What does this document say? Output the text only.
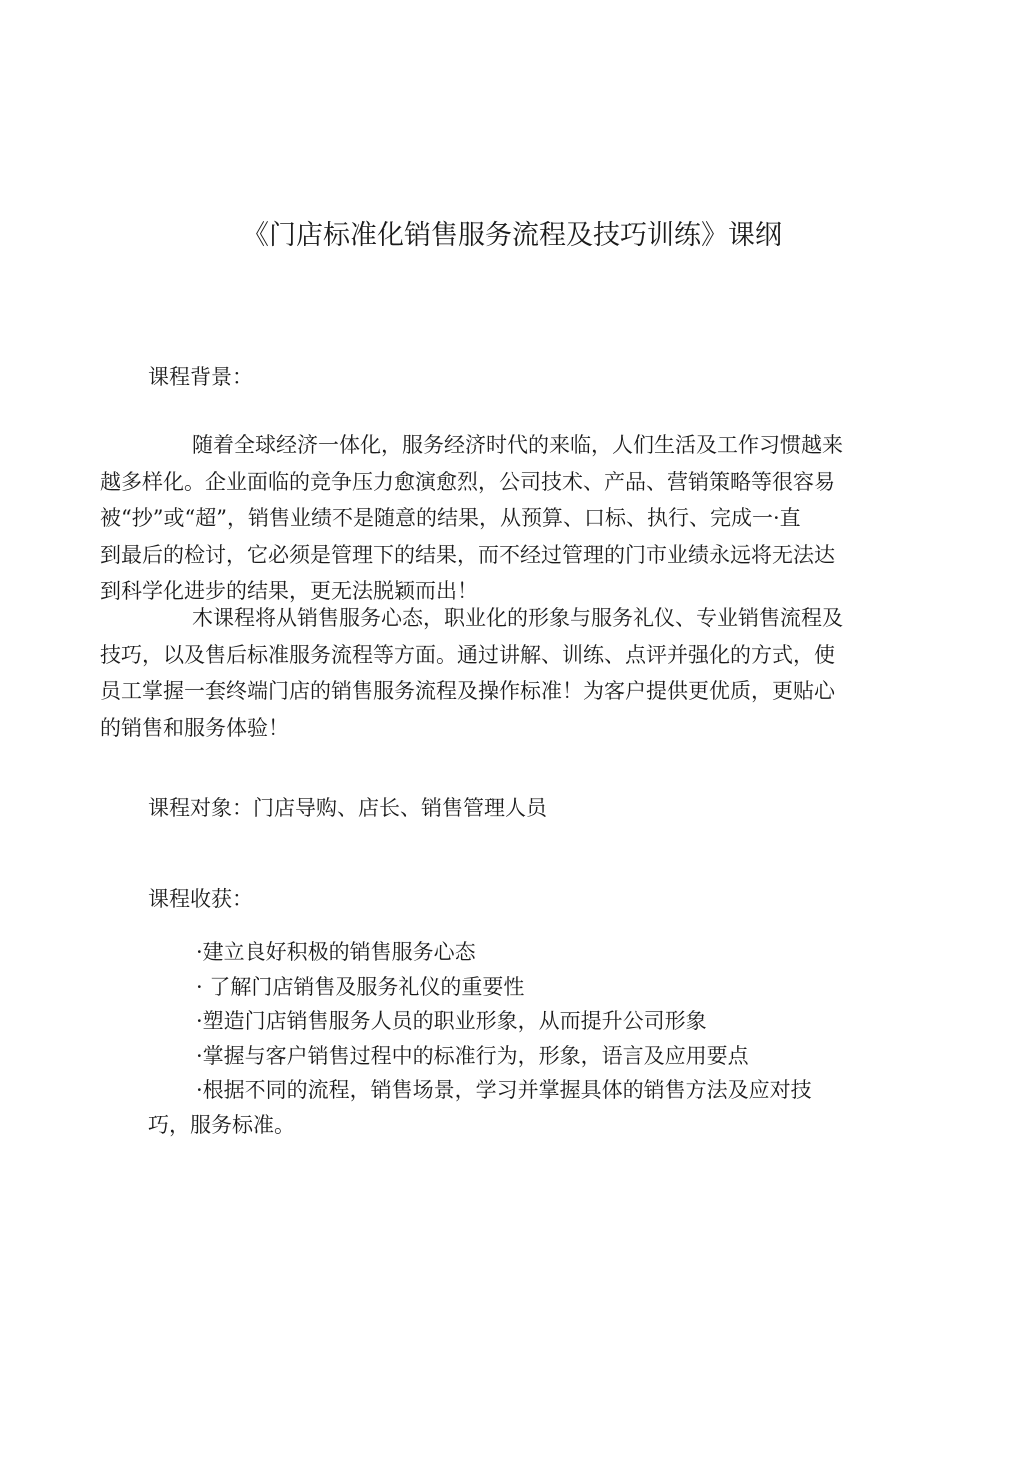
《门店标准化销售服务流程及技巧训练》课纲
课程背景：
随着全球经济一体化，服务经济时代的来临，人们生活及工作习惯越来
越多样化。企业面临的竞争压力愈演愈烈，公司技术、产品、营销策略等很容易
被“抄”或“超”，销售业绩不是随意的结果，从预算、口标、执行、完成一·直
到最后的检讨，它必须是管理下的结果，而不经过管理的门市业绩永远将无法达
到科学化进步的结果，更无法脱颖而出！
木课程将从销售服务心态，职业化的形象与服务礼仪、专业销售流程及
技巧，以及售后标准服务流程等方面。通过讲解、训练、点评并强化的方式，使
员工掌握一套终端门店的销售服务流程及操作标准！为客户提供更优质，更贴心
的销售和服务体验！
课程对象：门店导购、店长、销售管理人员
课程收获：
·建立良好积极的销售服务心态
· 了解门店销售及服务礼仪的重要性
·塑造门店销售服务人员的职业形象，从而提升公司形象
·掌握与客户销售过程中的标准行为，形象，语言及应用要点
·根据不同的流程，销售场景，学习并掌握具体的销售方法及应对技
巧，服务标准。
